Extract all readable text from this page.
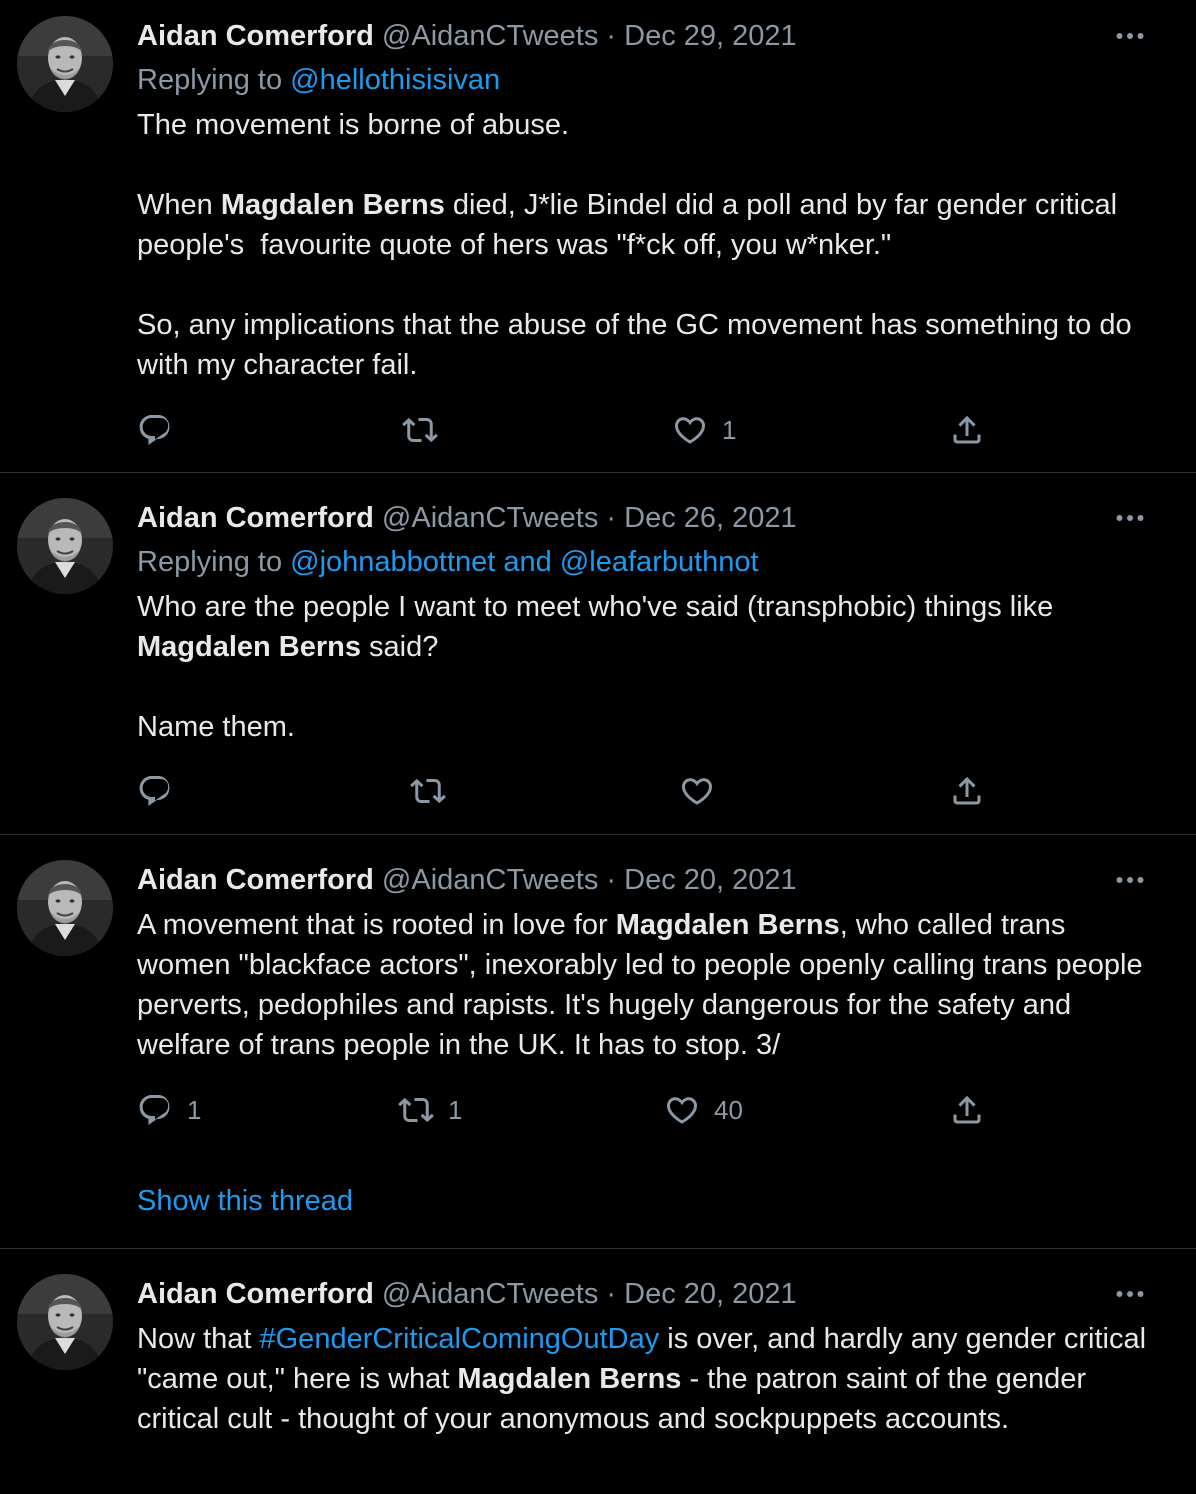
Aidan Comerford @AidanCTweets · Dec 29, 2021
Replying to @hellothisisivan
The movement is borne of abuse.
When Magdalen Berns died, J*lie Bindel did a poll and by far gender critical people's  favourite quote of hers was "f*ck off, you w*nker."
So, any implications that the abuse of the GC movement has something to do with my character fail.
1
Aidan Comerford @AidanCTweets · Dec 26, 2021
Replying to @johnabbottnet and @leafarbuthnot
Who are the people I want to meet who've said (transphobic) things like Magdalen Berns said?
Name them.
Aidan Comerford @AidanCTweets · Dec 20, 2021
A movement that is rooted in love for Magdalen Berns, who called trans women "blackface actors", inexorably led to people openly calling trans people perverts, pedophiles and rapists. It's hugely dangerous for the safety and welfare of trans people in the UK. It has to stop. 3/
1	1	40
Show this thread
Aidan Comerford @AidanCTweets · Dec 20, 2021
Now that #GenderCriticalComingOutDay is over, and hardly any gender critical "came out," here is what Magdalen Berns - the patron saint of the gender critical cult - thought of your anonymous and sockpuppets accounts.
